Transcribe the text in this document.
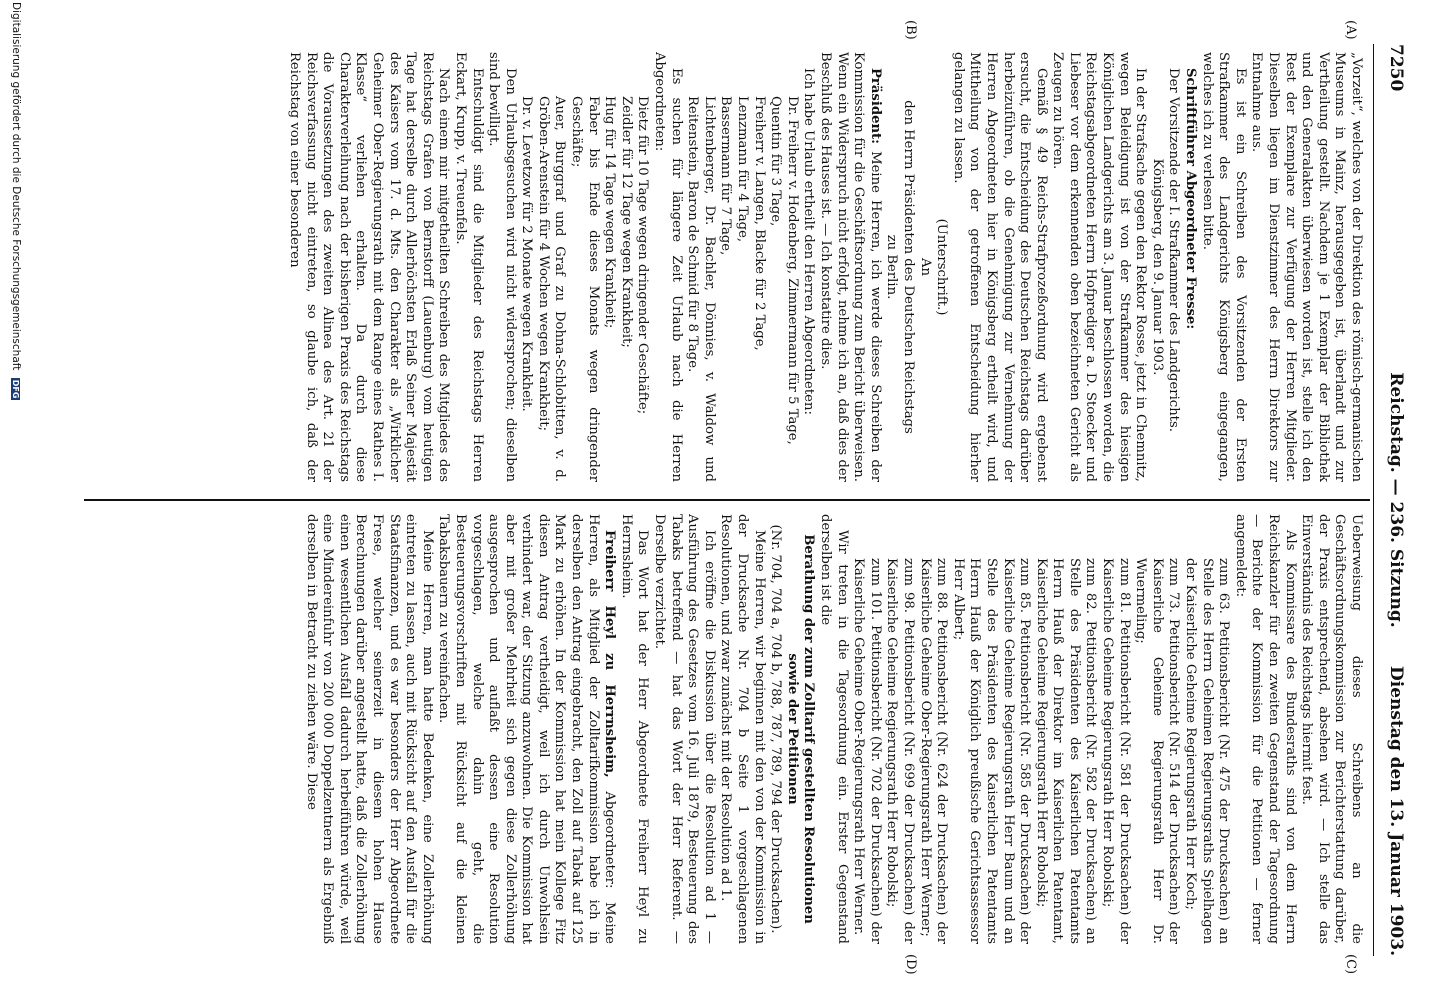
7250
Reichstag. — 236. Sitzung.
Dienstag den 13. Januar 1903.
(A)
(B)
(C)
(D)

„Vorzeit“, welches von der Direktion des römisch-germanischen Museums in Mainz, herausgegeben ist, überlandt und zur Vertheilung gestellt. Nachdem je 1 Exemplar der Bibliothek und den Generalakten überwiesen worden ist, stelle ich den Rest der Exemplare zur Verfügung der Herren Mitglieder. Dieselben liegen im Dienstzimmer des Herrn Direktors zur Entnahme aus.

Es ist ein Schreiben des Vorsitzenden der Ersten Strafkammer des Landgerichts Königsberg eingegangen, welches ich zu verlesen bitte.

Schriftführer Abgeordneter Fresse:

Der Vorsitzende der I. Strafkammer des Landgerichts.

Königsberg, den 9. Januar 1903.

In der Strafsache gegen den Rektor Rosse, jetzt in Chemnitz, wegen Beleidigung ist von der Strafkammer des hiesigen Königlichen Landgerichts am 3. Januar beschlossen worden, die Reichstagsabgeordneten Herrn Hofprediger a. D. Stoecker und Liebeser vor dem erkennenden oben bezeichneten Gericht als Zeugen zu hören.

Gemäß § 49 Reichs-Strafprozeßordnung wird ergebenst ersucht, die Entscheidung des Deutschen Reichstags darüber herbeizuführen, ob die Genehmigung zur Vernehmung der Herren Abgeordneten hier in Königsberg ertheilt wird, und Mittheilung von der getroffenen Entscheidung hierher gelangen zu lassen.

(Unterschrift.)

An

den Herrn Präsidenten des Deutschen Reichstags

zu Berlin.

Präsident: Meine Herren, ich werde dieses Schreiben der Kommission für die Geschäftsordnung zum Bericht überweisen. Wenn ein Widerspruch nicht erfolgt, nehme ich an, daß dies der Beschluß des Hauses ist. — Ich konstatire dies.

Ich habe Urlaub ertheilt den Herren Abgeordneten:

Dr. Freiherr v. Hodenberg, Zimmermann für 5 Tage,

Quentin für 3 Tage,

Freiherr v. Langen, Blacke für 2 Tage,

Lenzmann für 4 Tage,

Bassermann für 7 Tage,

Lichtenberger, Dr. Bachler, Dönnies, v. Waldow und Reitenstein, Baron de Schmid für 8 Tage.

Es suchen für längere Zeit Urlaub nach die Herren Abgeordneten:

Dietz für 10 Tage wegen dringender Geschäfte;

Zeidler für 12 Tage wegen Krankheit;

Hug für 14 Tage wegen Krankheit;

Faber bis Ende dieses Monats wegen dringender Geschäfte;

Auer, Burggraf und Graf zu Dohna-Schlobitten, v. d. Gröben-Arenstein für 4 Wochen wegen Krankheit;

Dr. v. Levetzow für 2 Monate wegen Krankheit.

Den Urlaubsgesuchen wird nicht widersprochen; dieselben sind bewilligt.

Entschuldigt sind die Mitglieder des Reichstags Herren Eckart, Krupp, v. Treuenfels.

Nach einem mir mitgetheilten Schreiben des Mitgliedes des Reichstags Grafen von Bernstorff (Lauenburg) vom heutigen Tage hat derselbe durch Allerhöchsten Erlaß Seiner Majestät des Kaisers vom 17. d. Mts. den Charakter als „Wirklicher Geheimer Ober-Regierungsrath mit dem Range eines Rathes I. Klasse“ verliehen erhalten. Da durch diese Charakterverleihung nach der bisherigen Praxis des Reichstags die Voraussetzungen des zweiten Alinea des Art. 21 der Reichsverfassung nicht eintreten, so glaube ich, daß der Reichstag von einer besonderen

Ueberweisung dieses Schreibens an die Geschäftsordnungskommission zur Berichterstattung darüber, der Praxis entsprechend, absehen wird. — Ich stelle das Einverständnis des Reichstags hiermit fest.

Als Kommissare des Bundesraths sind von dem Herrn Reichskanzler für den zweiten Gegenstand der Tagesordnung — Berichte der Kommission für die Petitionen — ferner angemeldet:

zum 63. Petitionsbericht (Nr. 475 der Drucksachen) an Stelle des Herrn Geheimen Regierungsraths Spielhagen der Kaiserliche Geheime Regierungsrath Herr Koch;

zum 73. Petitionsbericht (Nr. 514 der Drucksachen) der Kaiserliche Geheime Regierungsrath Herr Dr. Wuermeling;

zum 81. Petitionsbericht (Nr. 581 der Drucksachen) der Kaiserliche Geheime Regierungsrath Herr Robolski;

zum 82. Petitionsbericht (Nr. 582 der Drucksachen) an Stelle des Präsidenten des Kaiserlichen Patentamts Herrn Hauß der Direktor im Kaiserlichen Patentamt, Kaiserliche Geheime Regierungsrath Herr Robolski;

zum 85. Petitionsbericht (Nr. 585 der Drucksachen) der Kaiserliche Geheime Regierungsrath Herr Baum und an Stelle des Präsidenten des Kaiserlichen Patentamts Herrn Hauß der Königlich preußische Gerichtsassessor Herr Albert;

zum 88. Petitionsbericht (Nr. 624 der Drucksachen) der Kaiserliche Geheime Ober-Regierungsrath Herr Werner;

zum 98. Petitionsbericht (Nr. 699 der Drucksachen) der Kaiserliche Geheime Regierungsrath Herr Robolski;

zum 101. Petitionsbericht (Nr. 702 der Drucksachen) der Kaiserliche Geheime Ober-Regierungsrath Herr Werner.

Wir treten in die Tagesordnung ein. Erster Gegenstand derselben ist die

Berathung der zum Zolltarif gestellten Resolutionen sowie der Petitionen

(Nr. 704, 704 a, 704 b, 788, 787, 789, 794 der Drucksachen).

Meine Herren, wir beginnen mit den von der Kommission in der Drucksache Nr. 704 b Seite 1 vorgeschlagenen Resolutionen, und zwar zunächst mit der Resolution ad 1.

Ich eröffne die Diskussion über die Resolution ad 1 — Ausführung des Gesetzes vom 16. Juli 1879, Besteuerung des Tabaks betreffend — hat das Wort der Herr Referent. — Derselbe verzichtet.

Das Wort hat der Herr Abgeordnete Freiherr Heyl zu Herrnsheim.

Freiherr Heyl zu Herrnsheim, Abgeordneter: Meine Herren, als Mitglied der Zolltarifkommission habe ich in derselben den Antrag eingebracht, den Zoll auf Tabak auf 125 Mark zu erhöhen. In der Kommission hat mein Kollege Fitz diesen Antrag vertheidigt, weil ich durch Unwohlsein verhindert war, der Sitzung anzuwohnen. Die Kommission hat aber mit großer Mehrheit sich gegen diese Zollerhöhung ausgesprochen und auflaßt dessen eine Resolution vorgeschlagen, welche dahin geht, die Besteuerungsvorschriften mit Rücksicht auf die kleinen Tabaksbauern zu vereinfachen.

Meine Herren, man hatte Bedenken, eine Zollerhöhung eintreten zu lassen, auch mit Rücksicht auf den Ausfall für die Staatsfinanzen, und es war besonders der Herr Abgeordnete Frese, welcher seinerzeit in diesem hohen Hause Berechnungen darüber angestellt hatte, daß die Zollerhöhung einen wesentlichen Ausfall dadurch herbeiführen würde, weil eine Mindereinfuhr von 200 000 Doppelzentnern als Ergebniß derselben in Betracht zu ziehen wäre. Diese

Digitalisierung gefördert durch die Deutsche Forschungsgemeinschaft DFG
